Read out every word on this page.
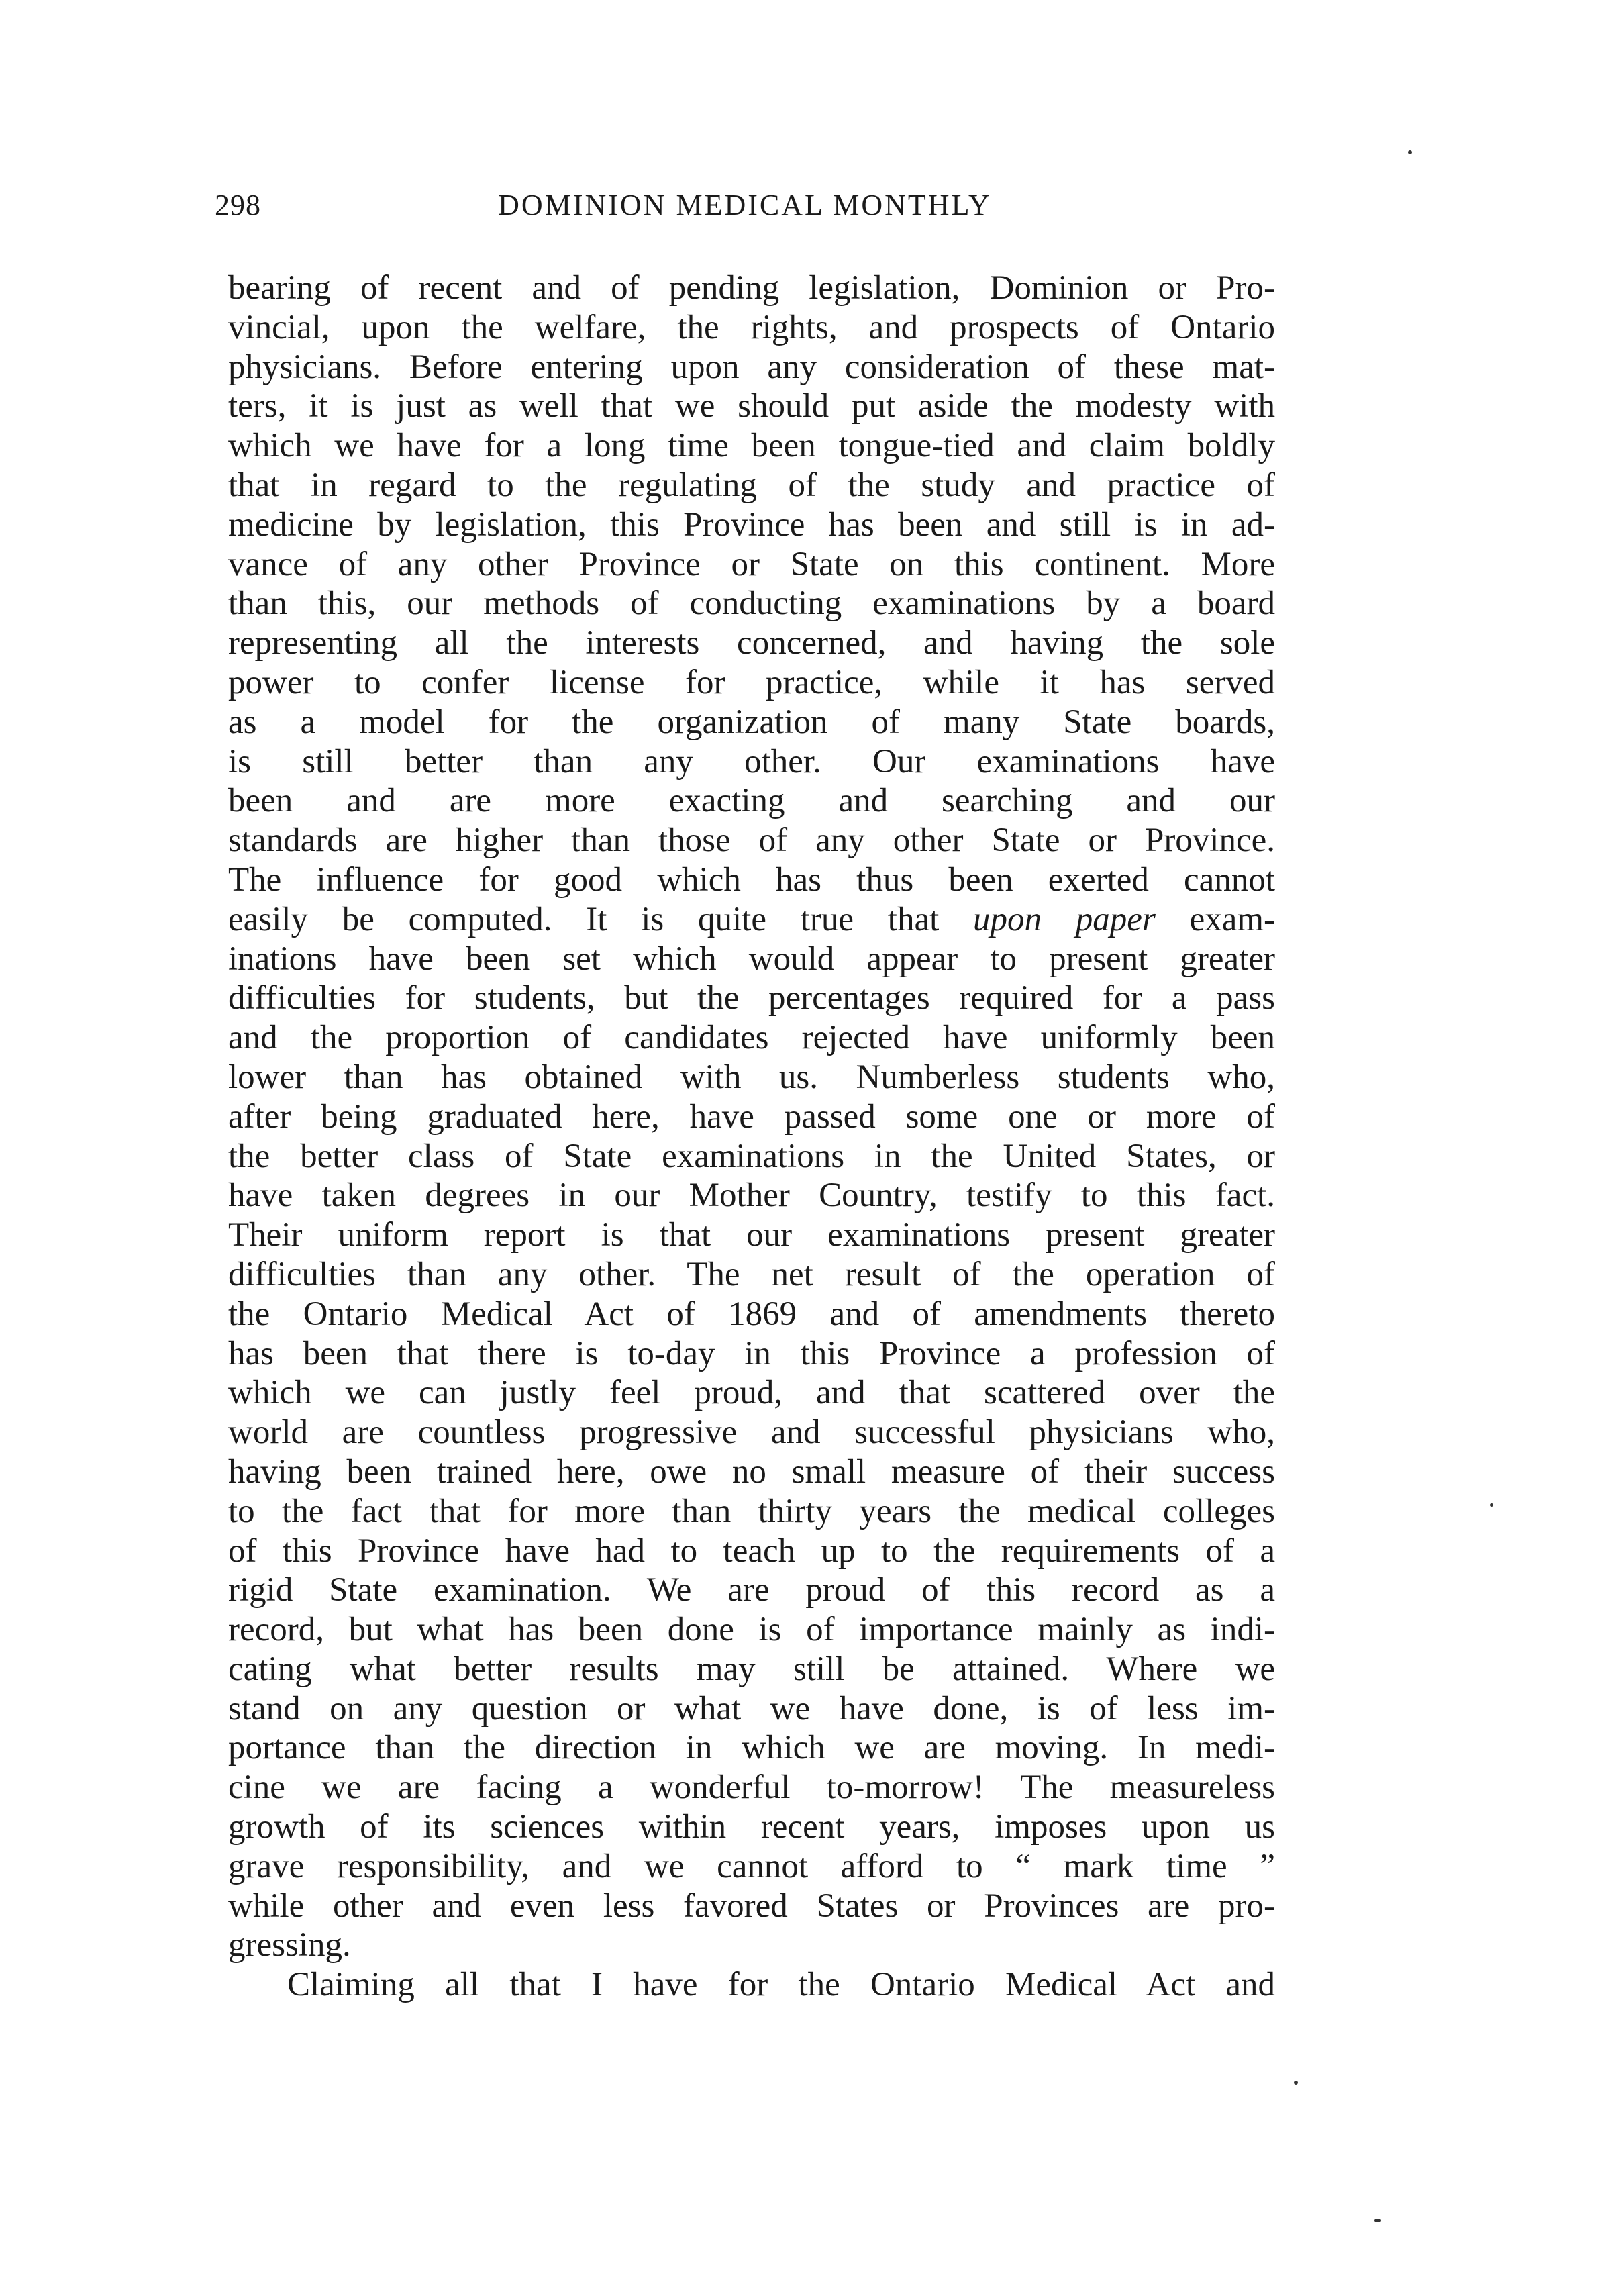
298	DOMINION MEDICAL MONTHLY
bearing of recent and of pending legislation, Dominion or Pro-
vincial, upon the welfare, the rights, and prospects of Ontario
physicians. Before entering upon any consideration of these mat-
ters, it is just as well that we should put aside the modesty with
which we have for a long time been tongue-tied and claim boldly
that in regard to the regulating of the study and practice of
medicine by legislation, this Province has been and still is in ad-
vance of any other Province or State on this continent. More
than this, our methods of conducting examinations by a board
representing all the interests concerned, and having the sole
power to confer license for practice, while it has served
as a model for the organization of many State boards,
is still better than any other. Our examinations have
been and are more exacting and searching and our
standards are higher than those of any other State or Province.
The influence for good which has thus been exerted cannot
easily be computed. It is quite true that upon paper exam-
inations have been set which would appear to present greater
difficulties for students, but the percentages required for a pass
and the proportion of candidates rejected have uniformly been
lower than has obtained with us. Numberless students who,
after being graduated here, have passed some one or more of
the better class of State examinations in the United States, or
have taken degrees in our Mother Country, testify to this fact.
Their uniform report is that our examinations present greater
difficulties than any other. The net result of the operation of
the Ontario Medical Act of 1869 and of amendments thereto
has been that there is to-day in this Province a profession of
which we can justly feel proud, and that scattered over the
world are countless progressive and successful physicians who,
having been trained here, owe no small measure of their success
to the fact that for more than thirty years the medical colleges
of this Province have had to teach up to the requirements of a
rigid State examination. We are proud of this record as a
record, but what has been done is of importance mainly as indi-
cating what better results may still be attained. Where we
stand on any question or what we have done, is of less im-
portance than the direction in which we are moving. In medi-
cine we are facing a wonderful to-morrow! The measureless
growth of its sciences within recent years, imposes upon us
grave responsibility, and we cannot afford to “ mark time ”
while other and even less favored States or Provinces are pro-
gressing.
Claiming all that I have for the Ontario Medical Act and
